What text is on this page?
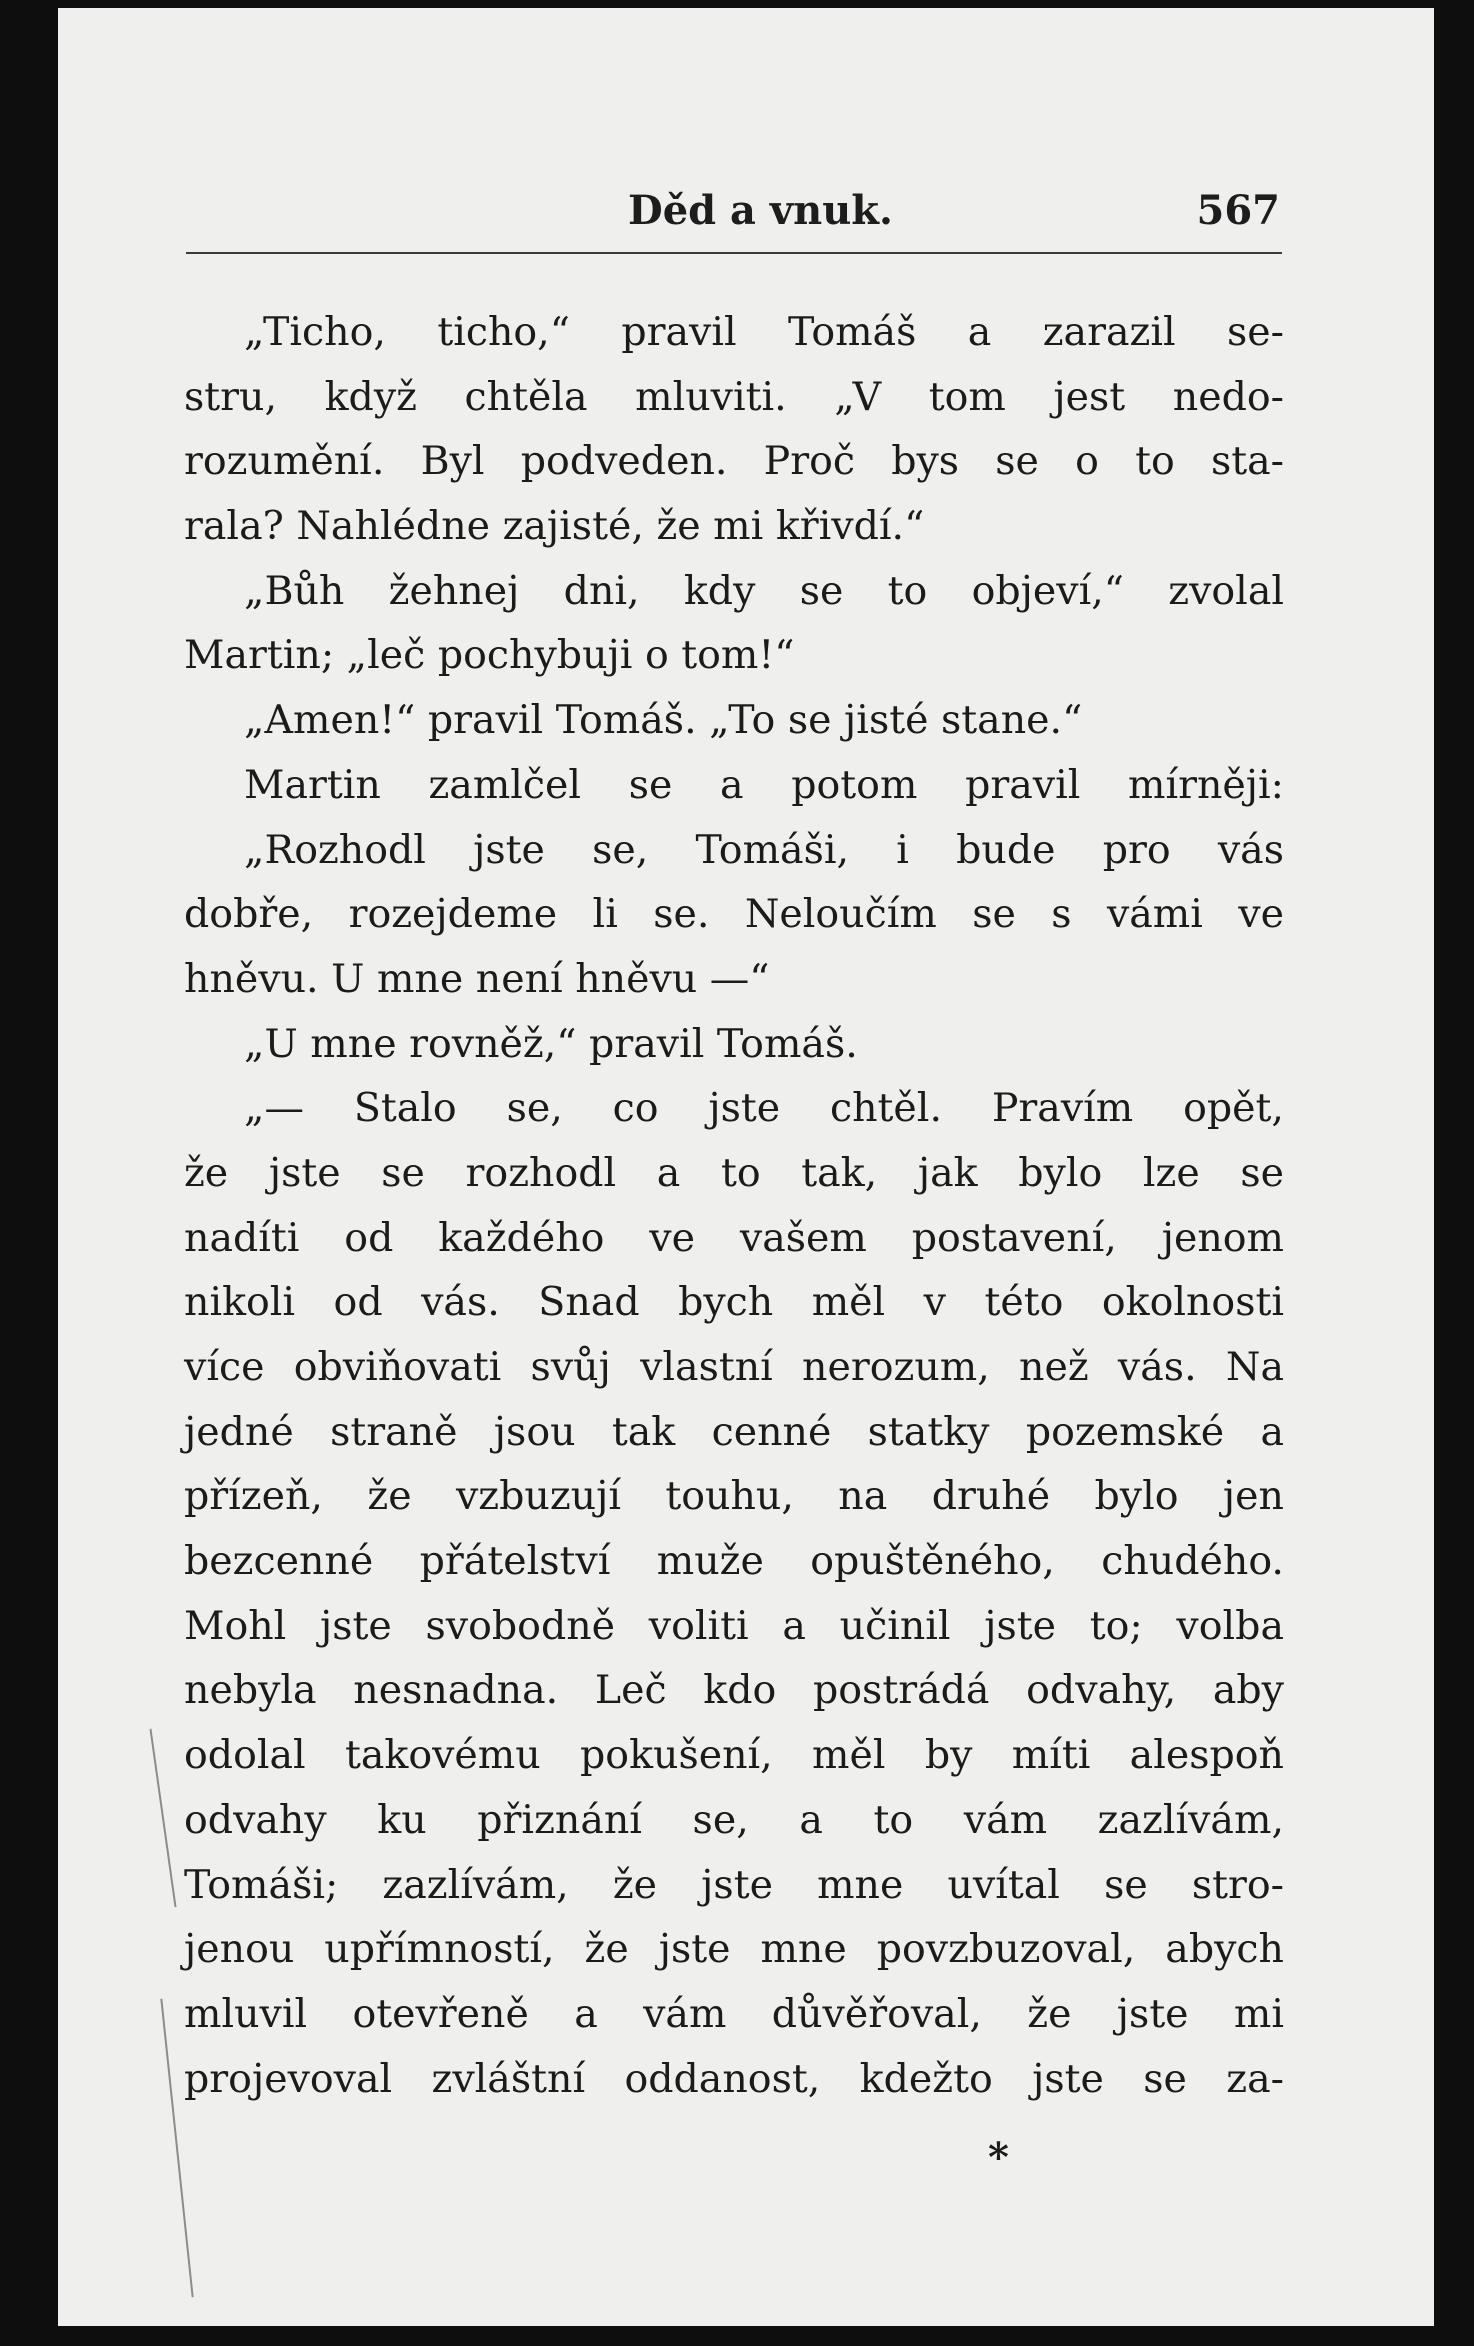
Děd a vnuk.	567
„Ticho, ticho,“ pravil Tomáš a zarazil se-
stru, když chtěla mluviti. „V tom jest nedo-
rozumění. Byl podveden. Proč bys se o to sta-
rala? Nahlédne zajisté, že mi křivdí.“
„Bůh žehnej dni, kdy se to objeví,“ zvolal
Martin; „leč pochybuji o tom!“
„Amen!“ pravil Tomáš. „To se jisté stane.“
Martin zamlčel se a potom pravil mírněji:
„Rozhodl jste se, Tomáši, i bude pro vás
dobře, rozejdeme li se. Neloučím se s vámi ve
hněvu. U mne není hněvu —“
„U mne rovněž,“ pravil Tomáš.
„— Stalo se, co jste chtěl. Pravím opět,
že jste se rozhodl a to tak, jak bylo lze se
nadíti od každého ve vašem postavení, jenom
nikoli od vás. Snad bych měl v této okolnosti
více obviňovati svůj vlastní nerozum, než vás. Na
jedné straně jsou tak cenné statky pozemské a
přízeň, že vzbuzují touhu, na druhé bylo jen
bezcenné přátelství muže opuštěného, chudého.
Mohl jste svobodně voliti a učinil jste to; volba
nebyla nesnadna. Leč kdo postrádá odvahy, aby
odolal takovému pokušení, měl by míti alespoň
odvahy ku přiznání se, a to vám zazlívám,
Tomáši; zazlívám, že jste mne uvítal se stro-
jenou upřímností, že jste mne povzbuzoval, abych
mluvil otevřeně a vám důvěřoval, že jste mi
projevoval zvláštní oddanost, kdežto jste se za-
*
